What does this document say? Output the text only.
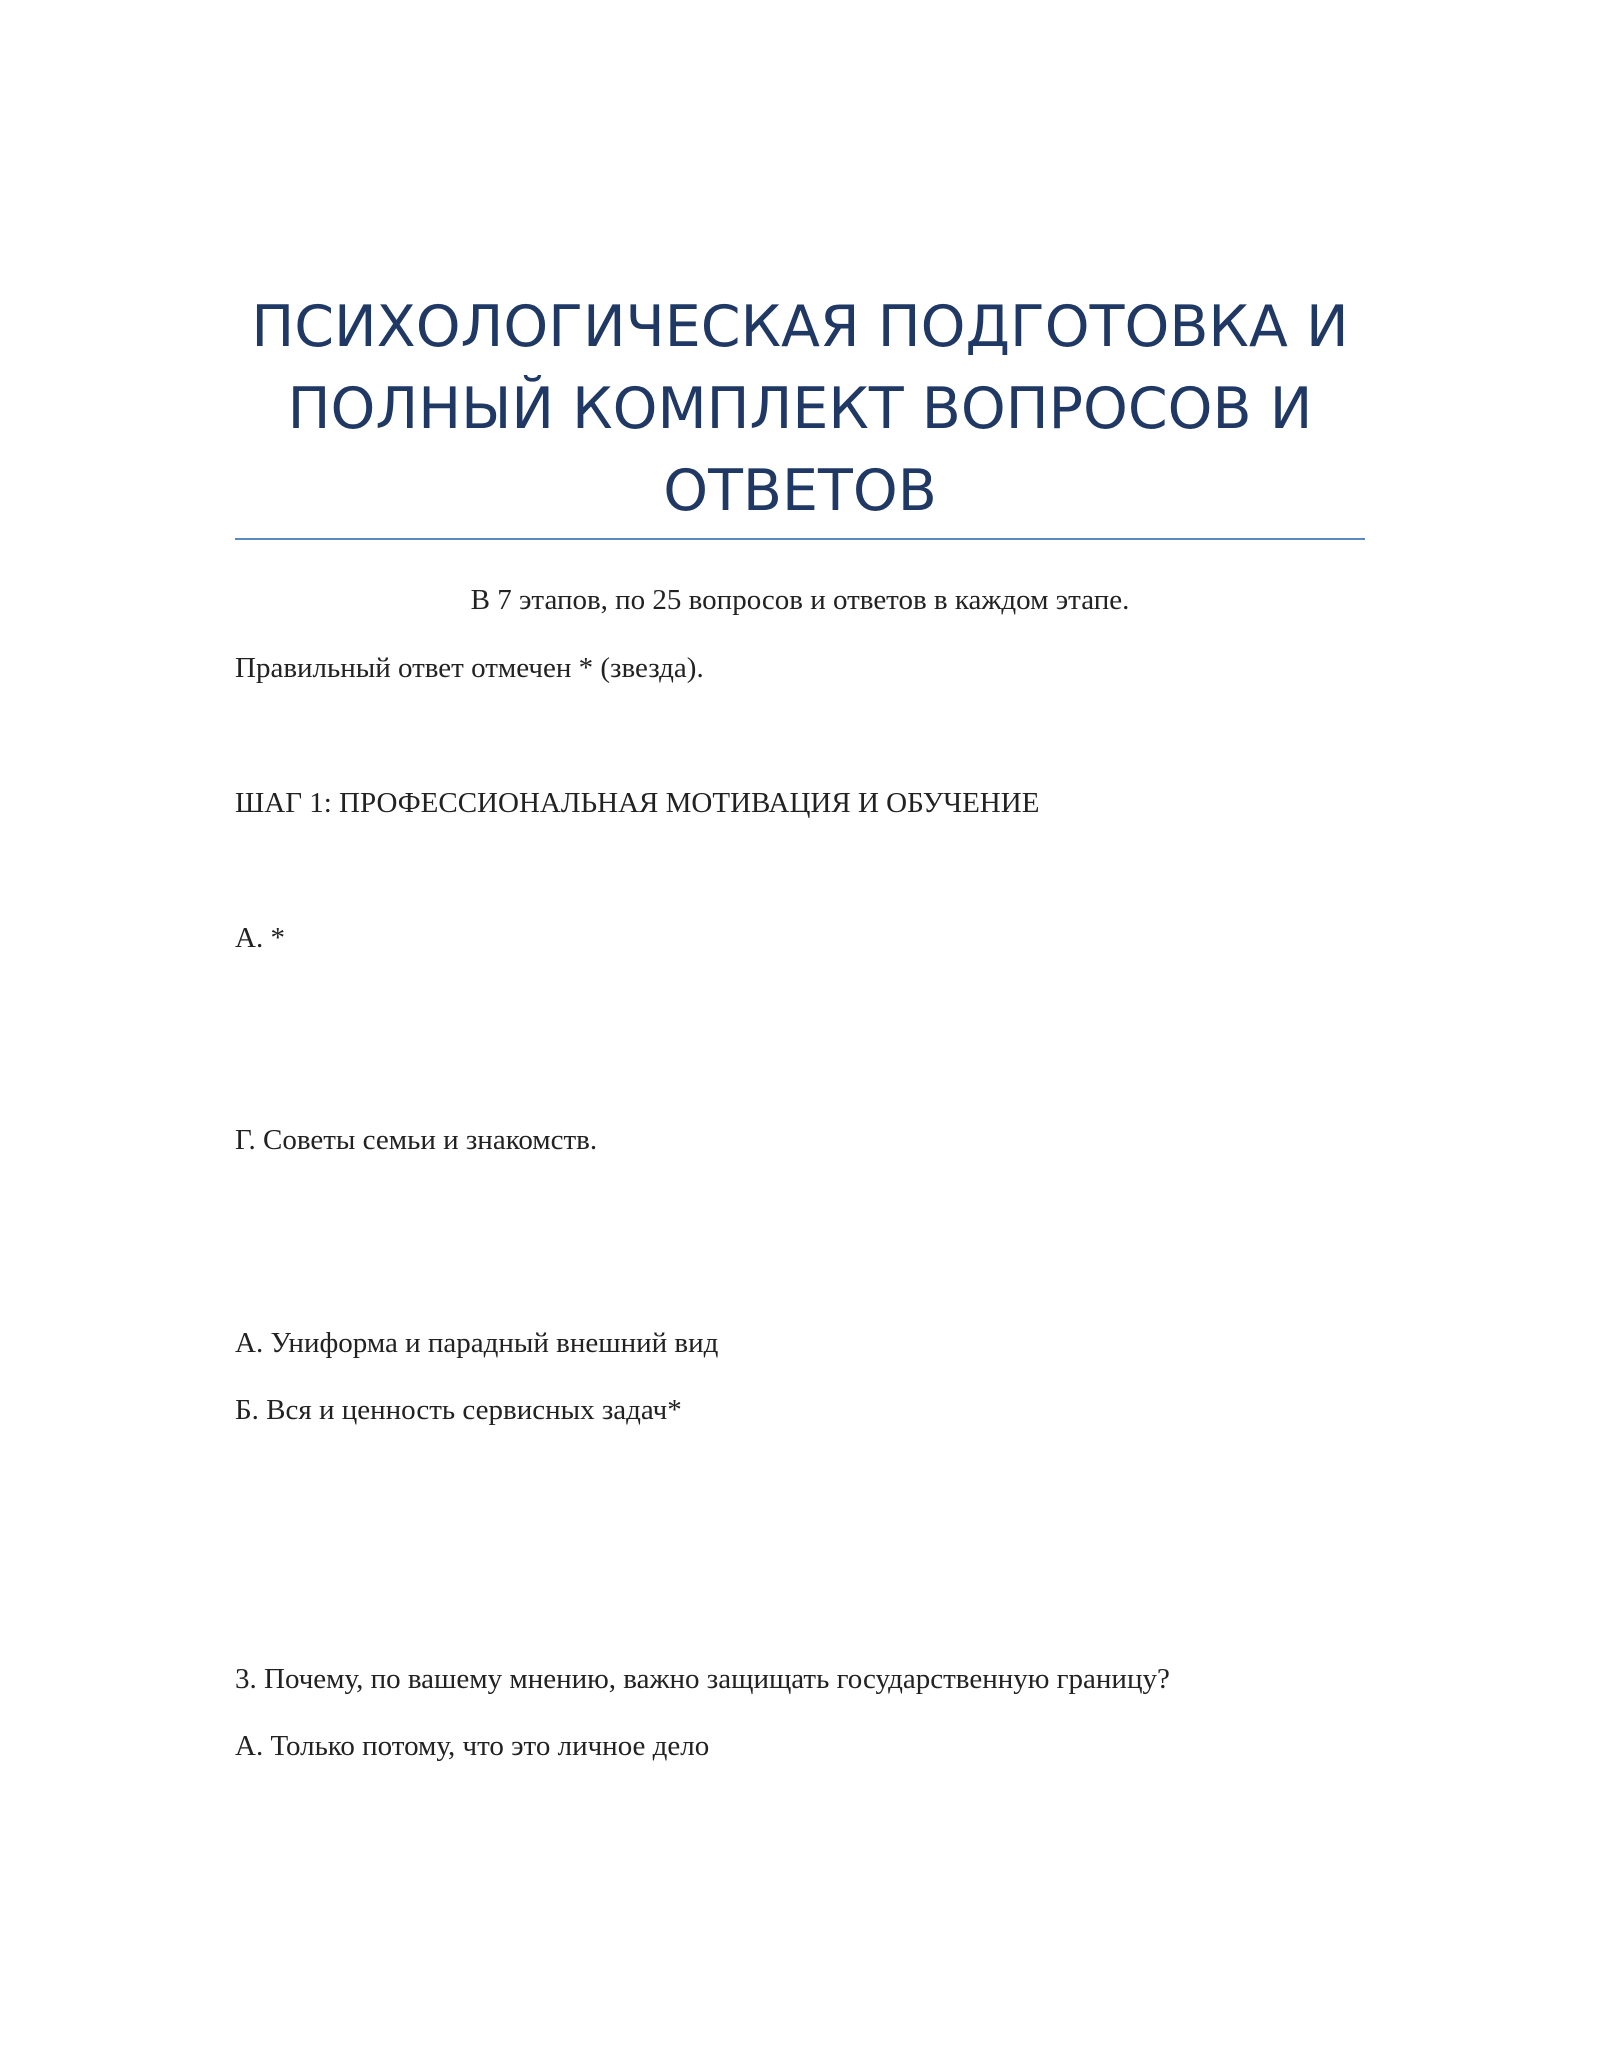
ПСИХОЛОГИЧЕСКАЯ ПОДГОТОВКА И ПОЛНЫЙ КОМПЛЕКТ ВОПРОСОВ И ОТВЕТОВ

В 7 этапов, по 25 вопросов и ответов в каждом этапе.

Правильный ответ отмечен * (звезда).

ШАГ 1: ПРОФЕССИОНАЛЬНАЯ МОТИВАЦИЯ И ОБУЧЕНИЕ

А. *

Г. Советы семьи и знакомств.

А. Униформа и парадный внешний вид

Б. Вся и ценность сервисных задач*

3. Почему, по вашему мнению, важно защищать государственную границу?

А. Только потому, что это личное дело
